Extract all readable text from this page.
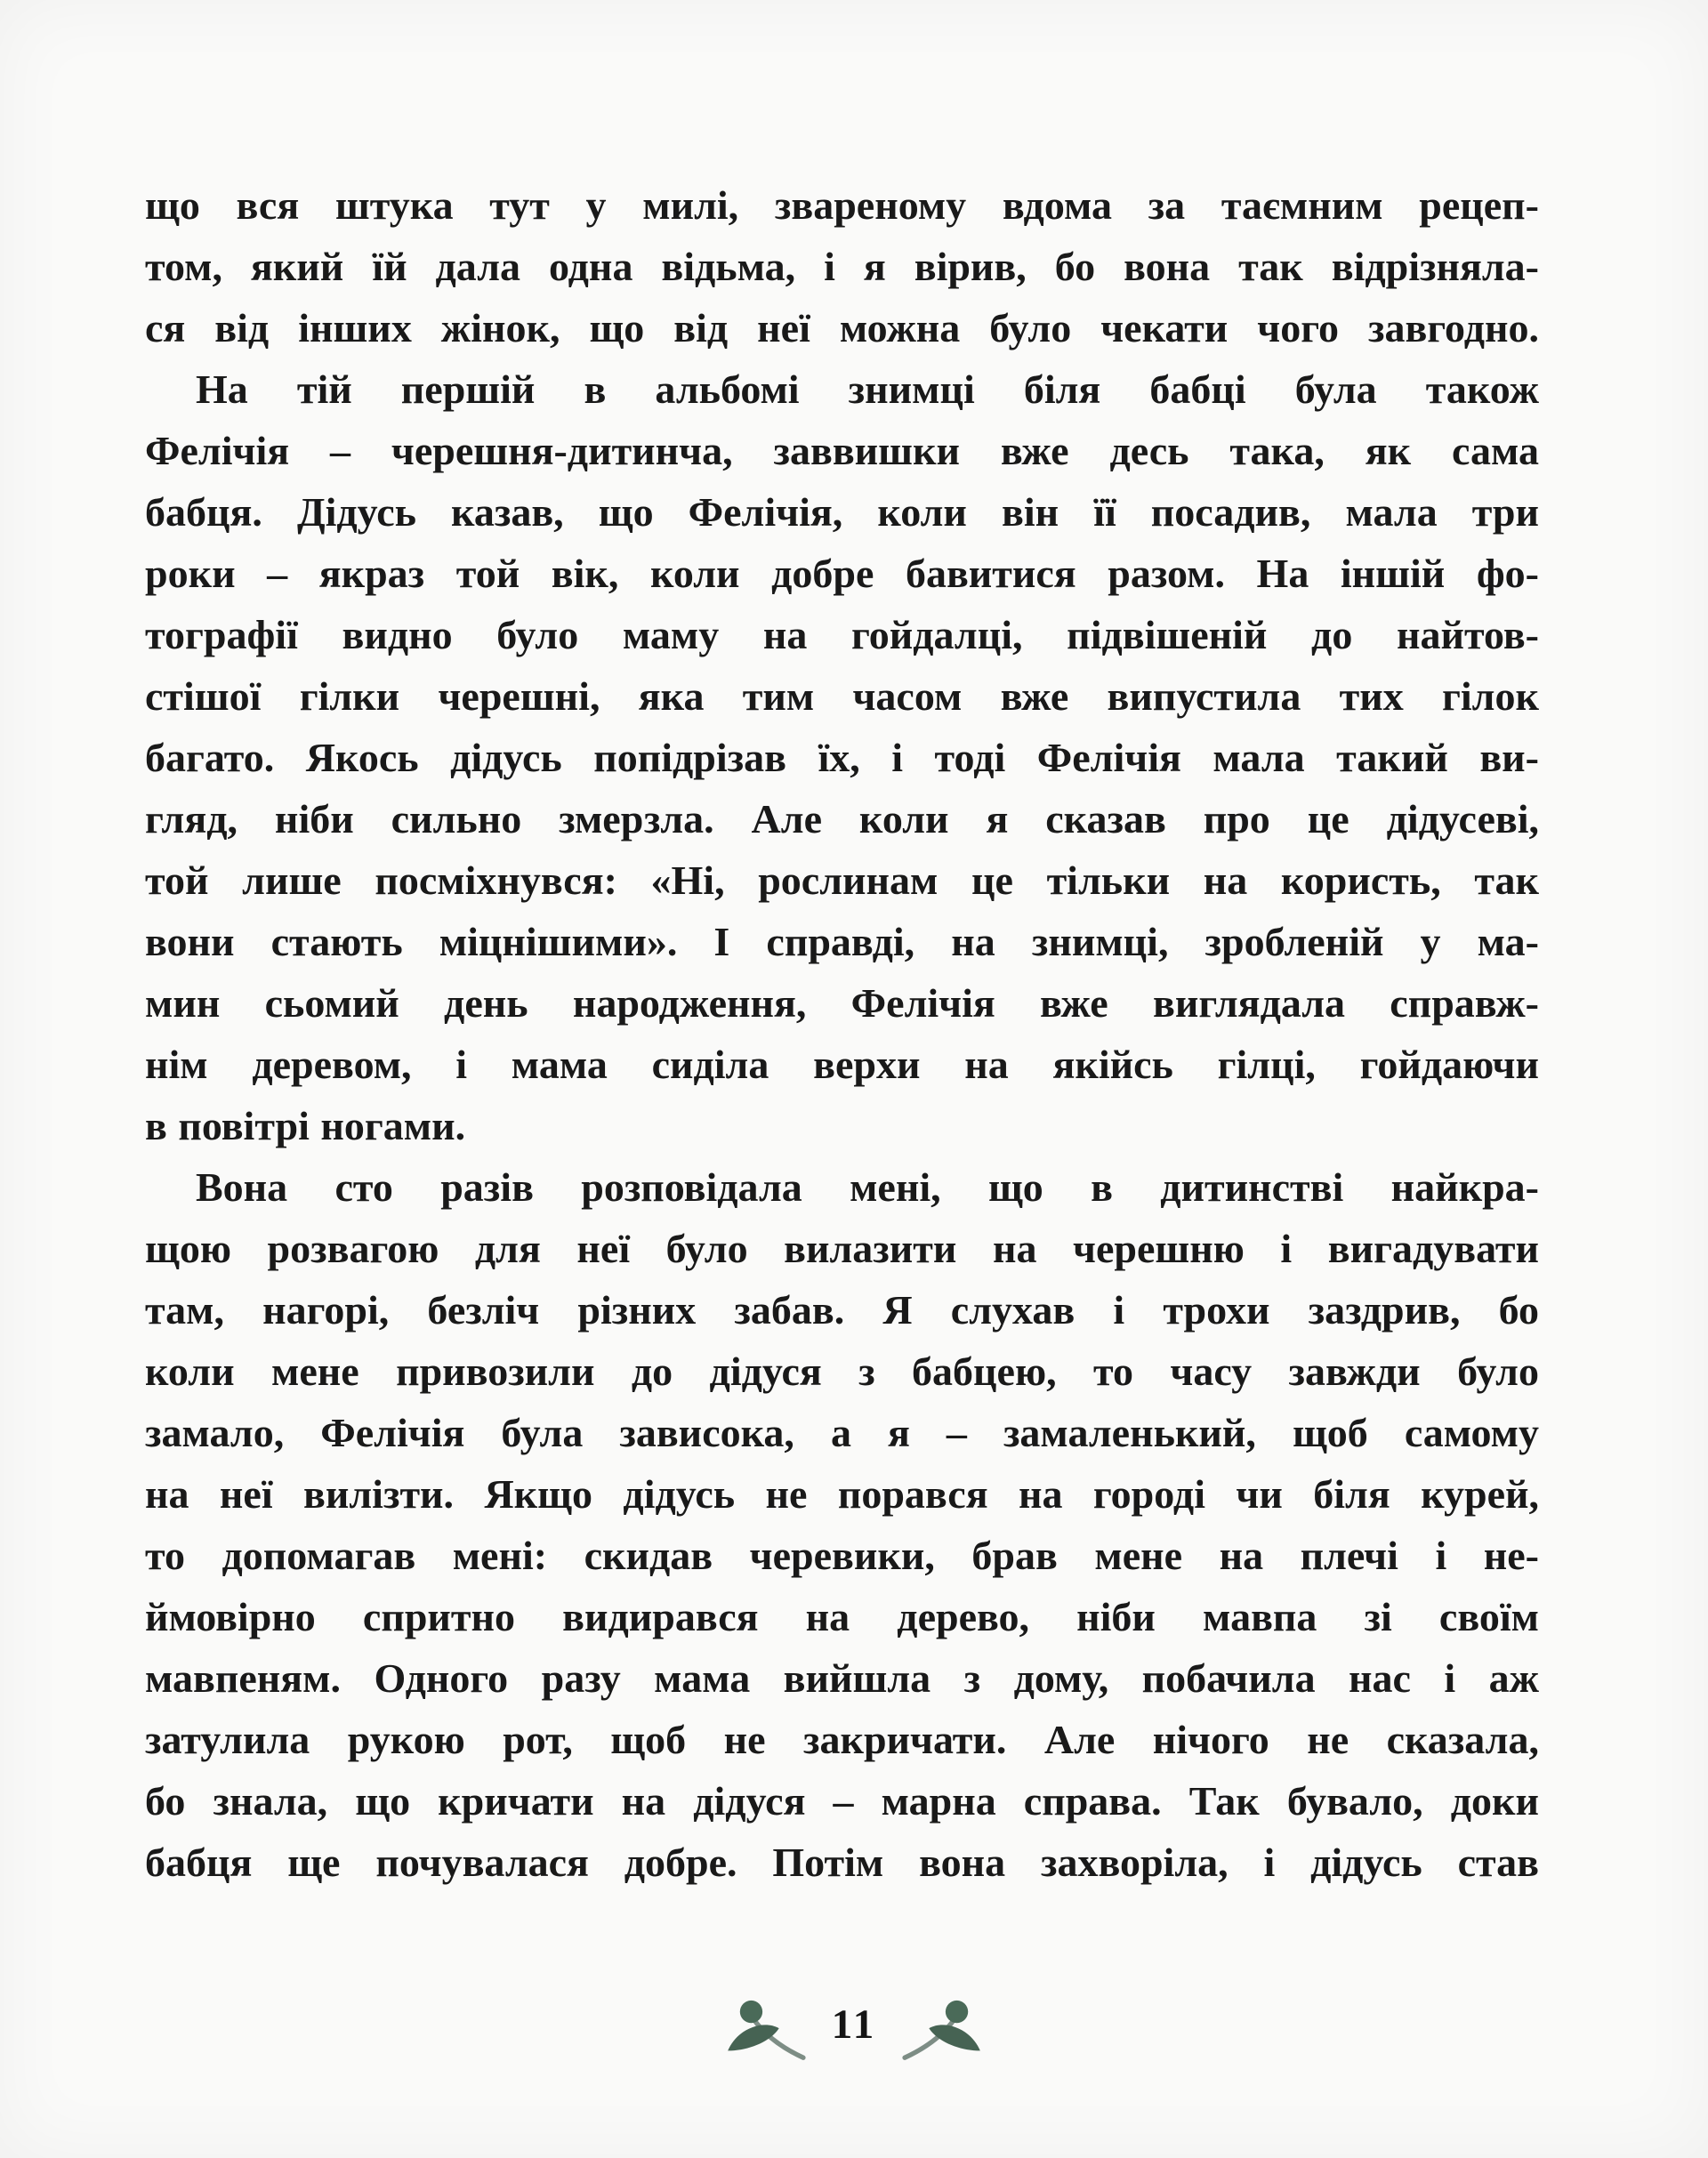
що вся штука тут у милі, звареному вдома за таємним рецеп-
том, який їй дала одна відьма, і я вірив, бо вона так відрізняла-
ся від інших жінок, що від неї можна було чекати чого завгодно.
На тій першій в альбомі знимці біля бабці була також
Фелічія – черешня-дитинча, заввишки вже десь така, як сама
бабця. Дідусь казав, що Фелічія, коли він її посадив, мала три
роки – якраз той вік, коли добре бавитися разом. На іншій фо-
тографії видно було маму на гойдалці, підвішеній до найтов-
стішої гілки черешні, яка тим часом вже випустила тих гілок
багато. Якось дідусь попідрізав їх, і тоді Фелічія мала такий ви-
гляд, ніби сильно змерзла. Але коли я сказав про це дідусеві,
той лише посміхнувся: «Ні, рослинам це тільки на користь, так
вони стають міцнішими». І справді, на знимці, зробленій у ма-
мин сьомий день народження, Фелічія вже виглядала справж-
нім деревом, і мама сиділа верхи на якійсь гілці, гойдаючи
в повітрі ногами.
Вона сто разів розповідала мені, що в дитинстві найкра-
щою розвагою для неї було вилазити на черешню і вигадувати
там, нагорі, безліч різних забав. Я слухав і трохи заздрив, бо
коли мене привозили до дідуся з бабцею, то часу завжди було
замало, Фелічія була зависока, а я – замаленький, щоб самому
на неї вилізти. Якщо дідусь не порався на городі чи біля курей,
то допомагав мені: скидав черевики, брав мене на плечі і не-
ймовірно спритно видирався на дерево, ніби мавпа зі своїм
мавпеням. Одного разу мама вийшла з дому, побачила нас і аж
затулила рукою рот, щоб не закричати. Але нічого не сказала,
бо знала, що кричати на дідуся – марна справа. Так бувало, доки
бабця ще почувалася добре. Потім вона захворіла, і дідусь став
11
